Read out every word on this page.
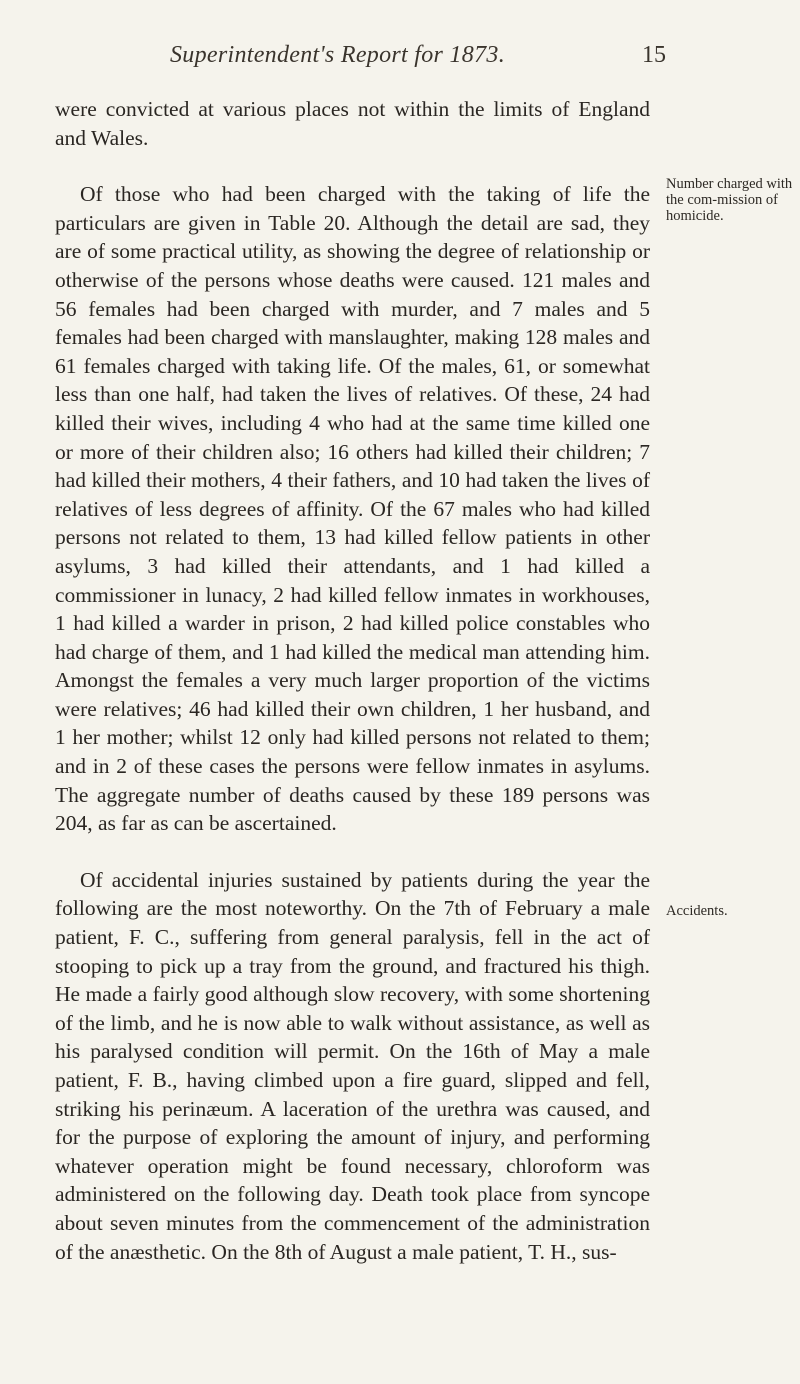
Superintendent's Report for 1873.	15

were convicted at various places not within the limits of England and Wales.

Of those who had been charged with the taking of life the particulars are given in Table 20. Although the detail are sad, they are of some practical utility, as showing the degree of relationship or otherwise of the persons whose deaths were caused. 121 males and 56 females had been charged with murder, and 7 males and 5 females had been charged with manslaughter, making 128 males and 61 females charged with taking life. Of the males, 61, or somewhat less than one half, had taken the lives of relatives. Of these, 24 had killed their wives, including 4 who had at the same time killed one or more of their children also; 16 others had killed their children; 7 had killed their mothers, 4 their fathers, and 10 had taken the lives of relatives of less degrees of affinity. Of the 67 males who had killed persons not related to them, 13 had killed fellow patients in other asylums, 3 had killed their attendants, and 1 had killed a commissioner in lunacy, 2 had killed fellow inmates in workhouses, 1 had killed a warder in prison, 2 had killed police constables who had charge of them, and 1 had killed the medical man attending him. Amongst the females a very much larger proportion of the victims were relatives; 46 had killed their own children, 1 her husband, and 1 her mother; whilst 12 only had killed persons not related to them; and in 2 of these cases the persons were fellow inmates in asylums. The aggregate number of deaths caused by these 189 persons was 204, as far as can be ascertained.

Of accidental injuries sustained by patients during the year the following are the most noteworthy. On the 7th of February a male patient, F. C., suffering from general paralysis, fell in the act of stooping to pick up a tray from the ground, and fractured his thigh. He made a fairly good although slow recovery, with some shortening of the limb, and he is now able to walk without assistance, as well as his paralysed condition will permit. On the 16th of May a male patient, F. B., having climbed upon a fire guard, slipped and fell, striking his perinæum. A laceration of the urethra was caused, and for the purpose of exploring the amount of injury, and performing whatever operation might be found necessary, chloroform was administered on the following day. Death took place from syncope about seven minutes from the commencement of the administration of the anæsthetic. On the 8th of August a male patient, T. H., sus-

Number charged with the com-mission of homicide.
Accidents.
